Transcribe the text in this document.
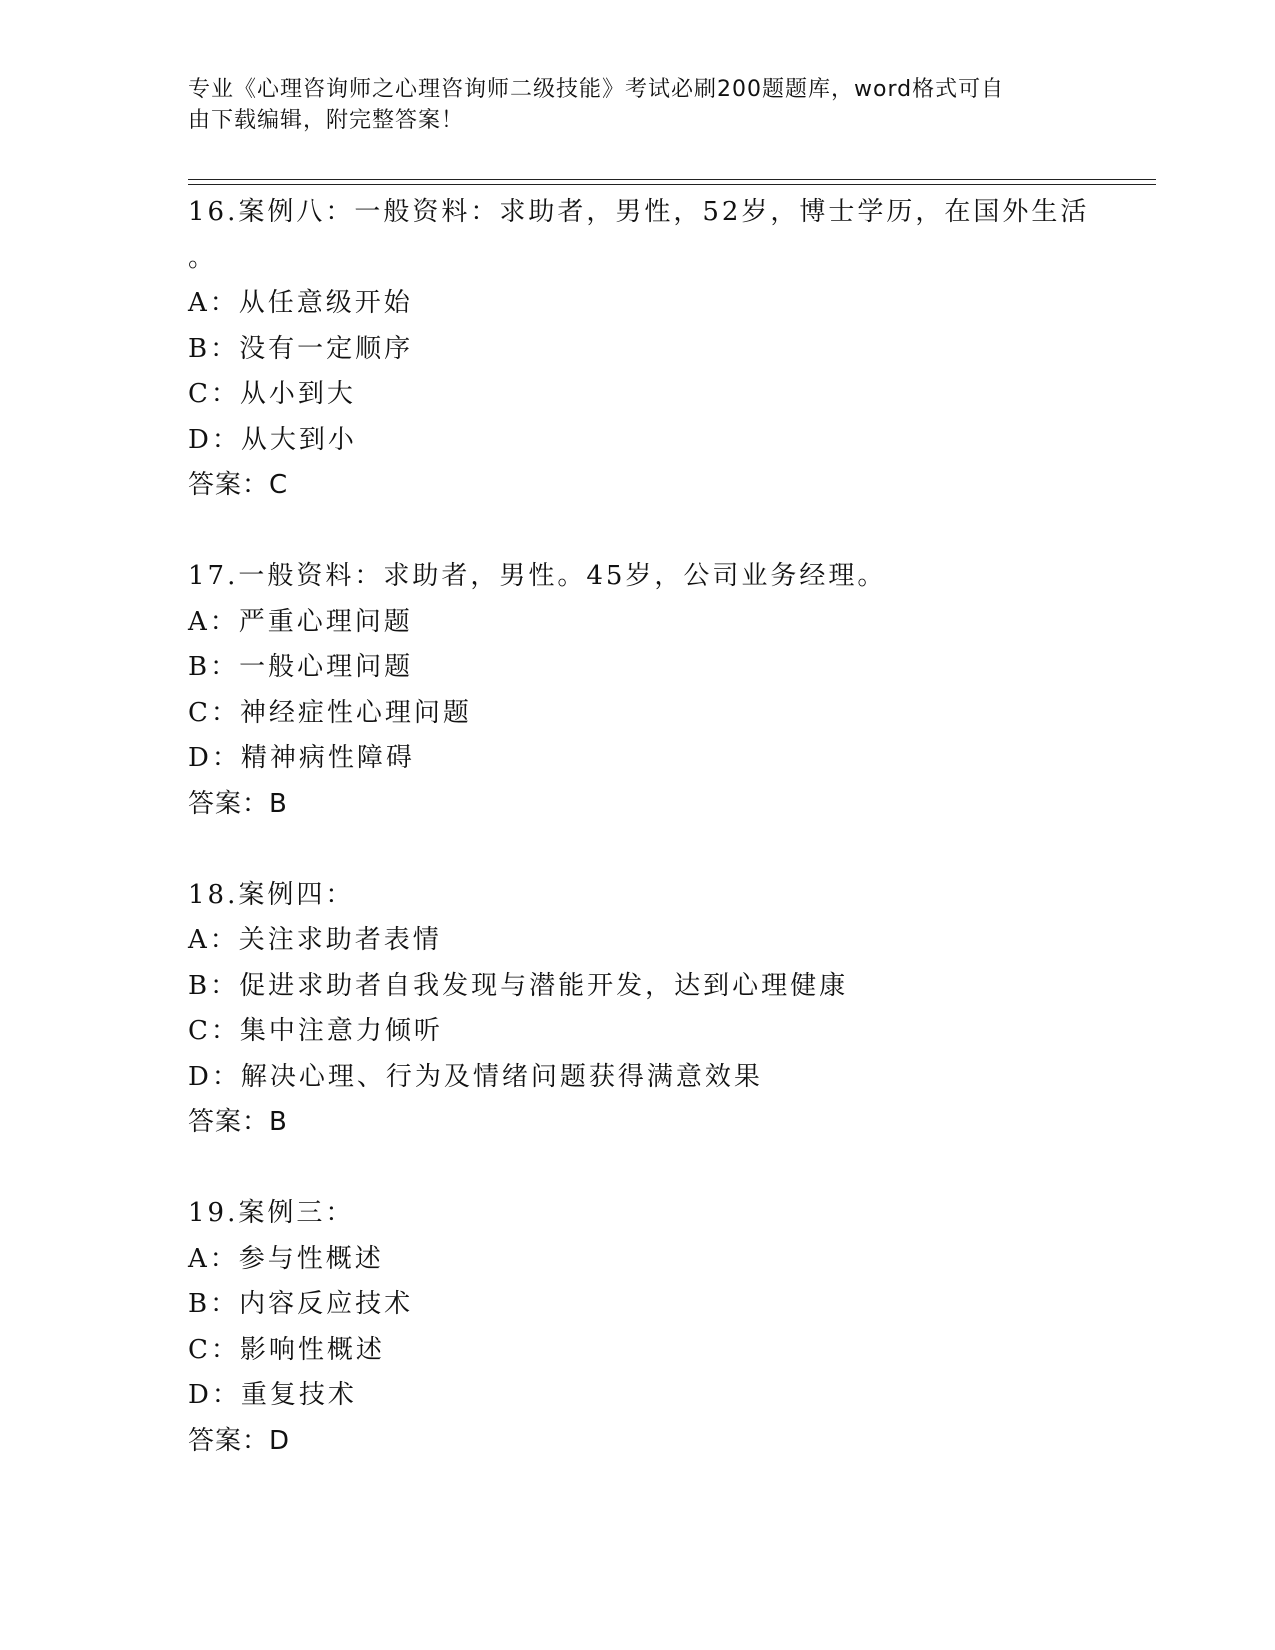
专业《心理咨询师之心理咨询师二级技能》考试必刷200题题库，word格式可自
由下载编辑，附完整答案！
16.案例八：一般资料：求助者，男性，52岁，博士学历，在国外生活
。
A：从任意级开始
B：没有一定顺序
C：从小到大
D：从大到小
答案：C
17.一般资料：求助者，男性。45岁，公司业务经理。
A：严重心理问题
B：一般心理问题
C：神经症性心理问题
D：精神病性障碍
答案：B
18.案例四：
A：关注求助者表情
B：促进求助者自我发现与潜能开发，达到心理健康
C：集中注意力倾听
D：解决心理、行为及情绪问题获得满意效果
答案：B
19.案例三：
A：参与性概述
B：内容反应技术
C：影响性概述
D：重复技术
答案：D
